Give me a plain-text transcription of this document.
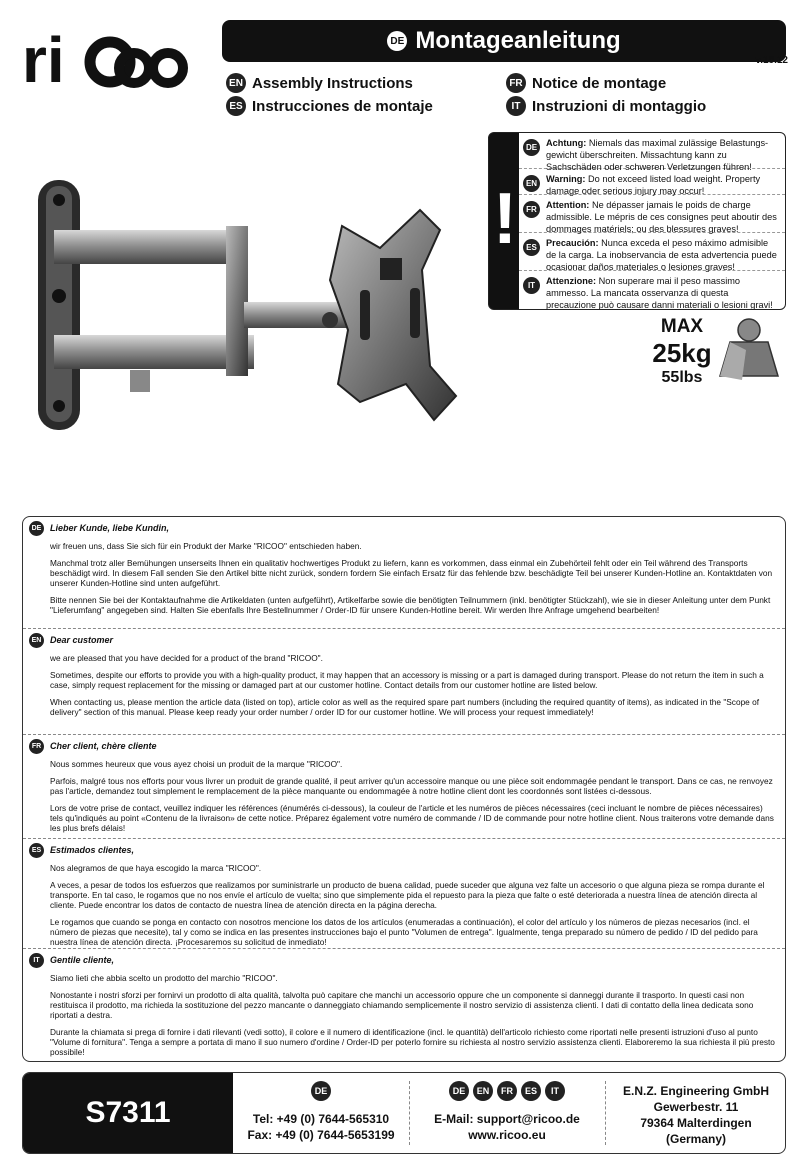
ri	DE Montageanleitung
v.18.12
EN Assembly Instructions	FR Notice de montage
ES Instrucciones de montaje	IT Instruzioni di montaggio
!
DE Achtung: Niemals das maximal zulässige Belastungs-gewicht überschreiten. Missachtung kann zu Sachschäden oder schweren Verletzungen führen!
EN Warning: Do not exceed listed load weight. Property damage oder serious injury may occur!
FR Attention: Ne dépasser jamais le poids de charge admissible. Le mépris de ces consignes peut aboutir des dommages matériels; ou des blessures graves!
ES Precaución: Nunca exceda el peso máximo admisible de la carga. La inobservancia de esta advertencia puede ocasionar daños materiales o lesiones graves!
IT	Attenzione: Non superare mai il peso massimo ammesso. La mancata osservanza di questa precauzione può causare danni materiali o lesioni gravi!
MAX
25kg
55lbs
DE Lieber Kunde, liebe Kundin,

wir freuen uns, dass Sie sich für ein Produkt der Marke "RICOO" entschieden haben.

Manchmal trotz aller Bemühungen unserseits Ihnen ein qualitativ hochwertiges Produkt zu liefern, kann es vorkommen, dass einmal ein Zubehörteil fehlt oder ein Teil während des Transports beschädigt wird. In diesem Fall senden Sie den Artikel bitte nicht zurück, sondern fordern Sie einfach Ersatz für das fehlende bzw. beschädigte Teil bei unserer Kunden-Hotline an. Kontaktdaten von unserer Kunden-Hotline sind unten aufgeführt.

Bitte nennen Sie bei der Kontaktaufnahme die Artikeldaten (unten aufgeführt), Artikelfarbe sowie die benötigten Teilnummern (inkl. benötigter Stückzahl), wie sie in dieser Anleitung unter dem Punkt "Lieferumfang" angegeben sind. Halten Sie ebenfalls Ihre Bestellnummer / Order-ID für unsere Kunden-Hotline bereit. Wir werden Ihre Anfrage umgehend bearbeiten!

EN Dear customer

we are pleased that you have decided for a product of the brand "RICOO".

Sometimes, despite our efforts to provide you with a high-quality product, it may happen that an accessory is missing or a part is damaged during transport. Please do not return the item in such a case, simply request replacement for the missing or damaged part at our customer hotline. Contact details from our customer hotline are listed below.

When contacting us, please mention the article data (listed on top), article color as well as the required spare part numbers (including the required quantity of items), as indicated in the "Scope of delivery" section of this manual. Please keep ready your order number / order ID for our customer hotline. We will process your request immediately!

FR Cher client, chère cliente

Nous sommes heureux que vous ayez choisi un produit de la marque "RICOO".

Parfois, malgré tous nos efforts pour vous livrer un produit de grande qualité, il peut arriver qu'un accessoire manque ou une pièce soit endommagée pendant le transport. Dans ce cas, ne renvoyez pas l'article, demandez tout simplement le remplacement de la pièce manquante ou endommagée à notre hotline client dont les coordonnés sont listées ci-dessous.

Lors de votre prise de contact, veuillez indiquer les références (énumérés ci-dessous), la couleur de l'article et les numéros de pièces nécessaires (ceci incluant le nombre de pièces nécessaires) tels qu'indiqués au point «Contenu de la livraison» de cette notice. Préparez également votre numéro de commande / ID de commande pour notre hotline client. Nous traiterons votre demande dans les plus brefs délais!

ES Estimados clientes,

Nos alegramos de que haya escogido la marca "RICOO".

A veces, a pesar de todos los esfuerzos que realizamos por suministrarle un producto de buena calidad, puede suceder que alguna vez falte un accesorio o que alguna pieza se rompa durante el transporte. En tal caso, le rogamos que no nos envíe el artículo de vuelta; sino que simplemente pida el repuesto para la pieza que falte o esté deteriorada a nuestra línea de atención directa al cliente. Puede encontrar los datos de contacto de nuestra línea de atención directa en la página derecha.

Le rogamos que cuando se ponga en contacto con nosotros mencione los datos de los artículos (enumeradas a continuación), el color del artículo y los números de piezas necesarios (incl. el número de piezas que necesite), tal y como se indica en las presentes instrucciones bajo el punto "Volumen de entrega". Igualmente, tenga preparado su número de pedido / ID del pedido para nuestra línea de atención directa. ¡Procesaremos su solicitud de inmediato!

IT	Gentile cliente,

Siamo lieti che abbia scelto un prodotto del marchio "RICOO".

Nonostante i nostri sforzi per fornirvi un prodotto di alta qualità, talvolta può capitare che manchi un accessorio oppure che un componente si danneggi durante il trasporto. In questi casi non restituisca il prodotto, ma richieda la sostituzione del pezzo mancante o danneggiato chiamando semplicemente il nostro servizio di assistenza clienti. I dati di contatto della linea dedicata sono riportati a destra.

Durante la chiamata si prega di fornire i dati rilevanti (vedi sotto), il colore e il numero di identificazione (incl. le quantità) dell'articolo richiesto come riportati nelle presenti istruzioni d'uso al punto "Volume di fornitura". Tenga a sempre a portata di mano il suo numero d'ordine / Order-ID per poterlo fornire su richiesta al nostro servizio assistenza clienti. Elaboreremo la sua richiesta il più presto possibile!

S7311
DE
Tel: +49 (0) 7644-565310
Fax: +49 (0) 7644-5653199
DE	EN	FR	ES	IT
E-Mail: support@ricoo.de
www.ricoo.eu
E.N.Z. Engineering GmbH
Gewerbestr. 11
79364 Malterdingen
(Germany)
